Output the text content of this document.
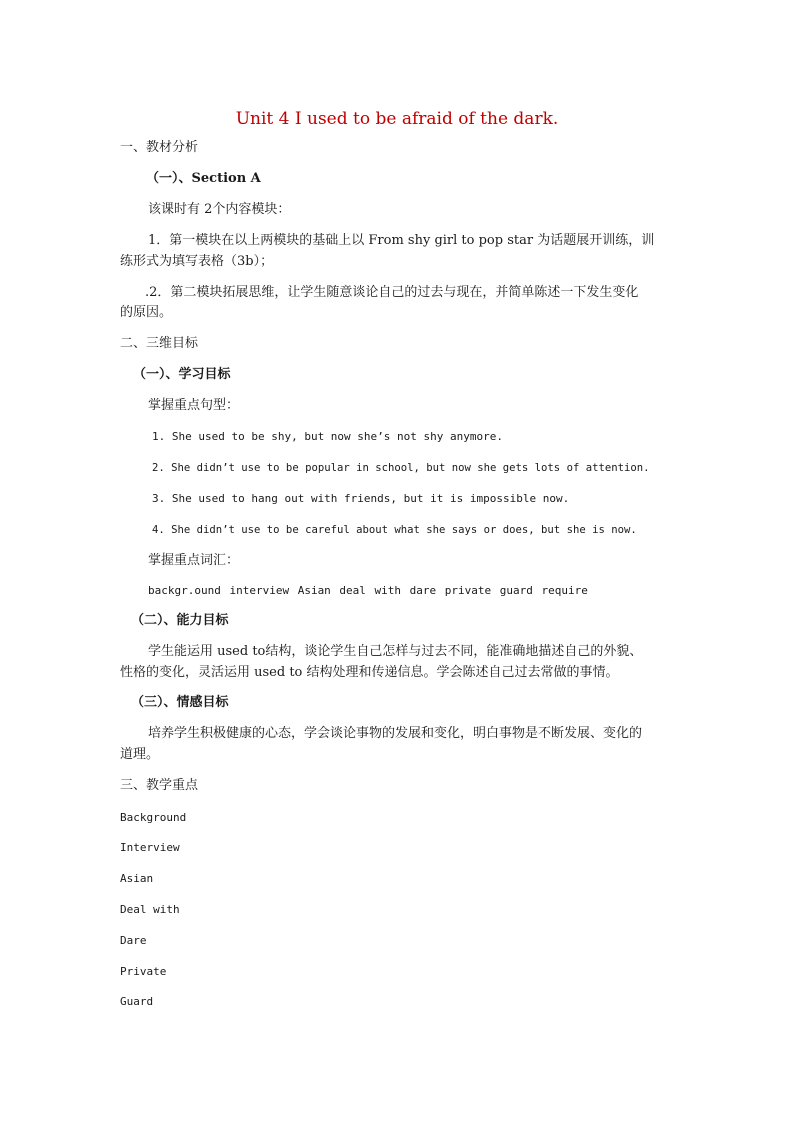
Unit 4 I used to be afraid of the dark.
一、教材分析
（一）、Section A
该课时有 2个内容模块：
1．第一模块在以上两模块的基础上以 From shy girl to pop star 为话题展开训练，训
练形式为填写表格（3b）；
.2．第二模块拓展思维，让学生随意谈论自己的过去与现在，并简单陈述一下发生变化
的原因。
二、三维目标
（一）、学习目标
掌握重点句型：
1. She used to be shy, but now she’s not shy anymore.
2. She didn’t use to be popular in school, but now she gets lots of attention.
3. She used to hang out with friends, but it is impossible now.
4. She didn’t use to be careful about what she says or does, but she is now.
掌握重点词汇：
backgr.ound interview Asian deal with dare private guard require
（二）、能力目标
学生能运用 used to结构，谈论学生自己怎样与过去不同，能准确地描述自己的外貌、
性格的变化，灵活运用 used to 结构处理和传递信息。学会陈述自己过去常做的事情。
（三）、情感目标
培养学生积极健康的心态，学会谈论事物的发展和变化，明白事物是不断发展、变化的
道理。
三、教学重点
Background
Interview
Asian
Deal with
Dare
Private
Guard
